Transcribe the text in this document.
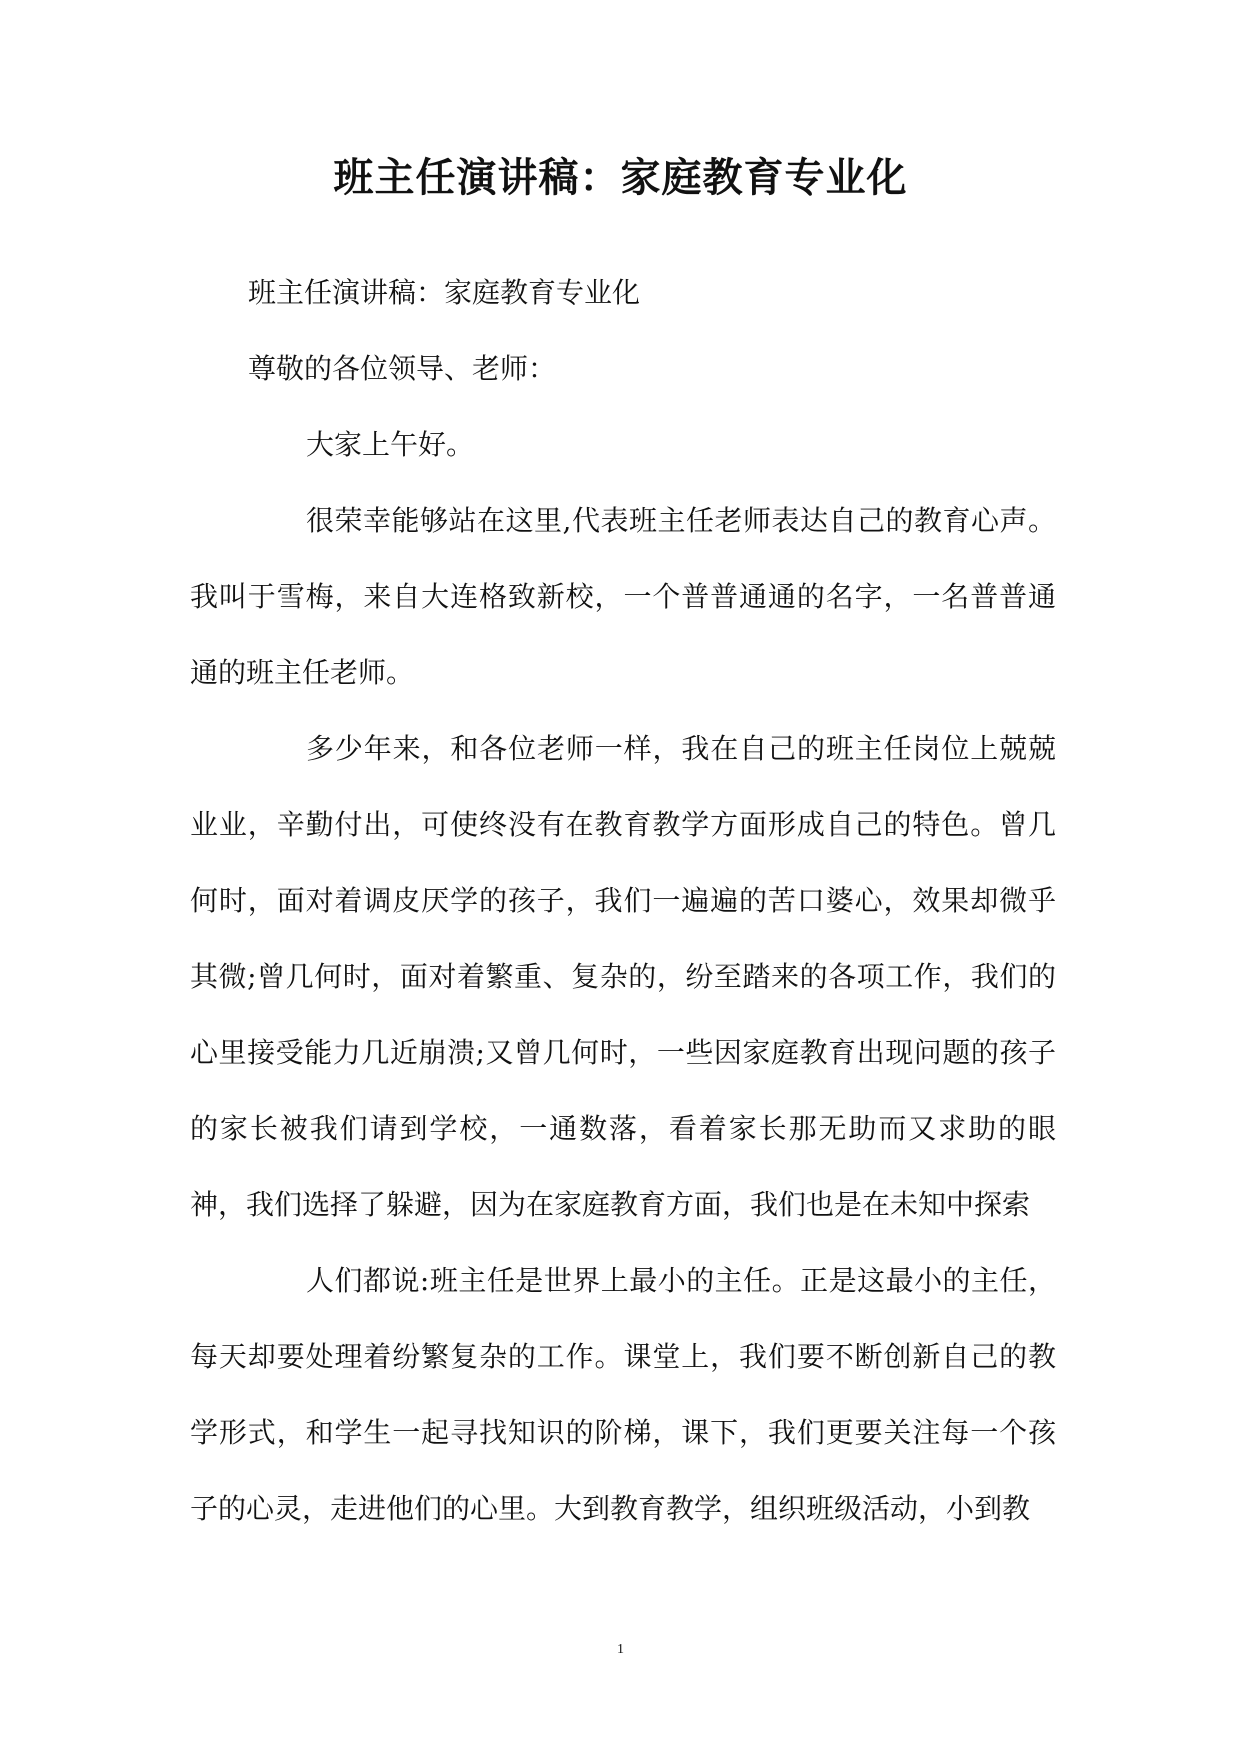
班主任演讲稿：家庭教育专业化

班主任演讲稿：家庭教育专业化

尊敬的各位领导、老师：

大家上午好。

很荣幸能够站在这里,代表班主任老师表达自己的教育心声。我叫于雪梅，来自大连格致新校，一个普普通通的名字，一名普普通通的班主任老师。

多少年来，和各位老师一样，我在自己的班主任岗位上兢兢业业，辛勤付出，可使终没有在教育教学方面形成自己的特色。曾几何时，面对着调皮厌学的孩子，我们一遍遍的苦口婆心，效果却微乎其微;曾几何时，面对着繁重、复杂的，纷至踏来的各项工作，我们的心里接受能力几近崩溃;又曾几何时，一些因家庭教育出现问题的孩子的家长被我们请到学校，一通数落，看着家长那无助而又求助的眼神，我们选择了躲避，因为在家庭教育方面，我们也是在未知中探索

人们都说:班主任是世界上最小的主任。正是这最小的主任，每天却要处理着纷繁复杂的工作。课堂上，我们要不断创新自己的教学形式，和学生一起寻找知识的阶梯，课下，我们更要关注每一个孩子的心灵，走进他们的心里。大到教育教学，组织班级活动，小到教

1
